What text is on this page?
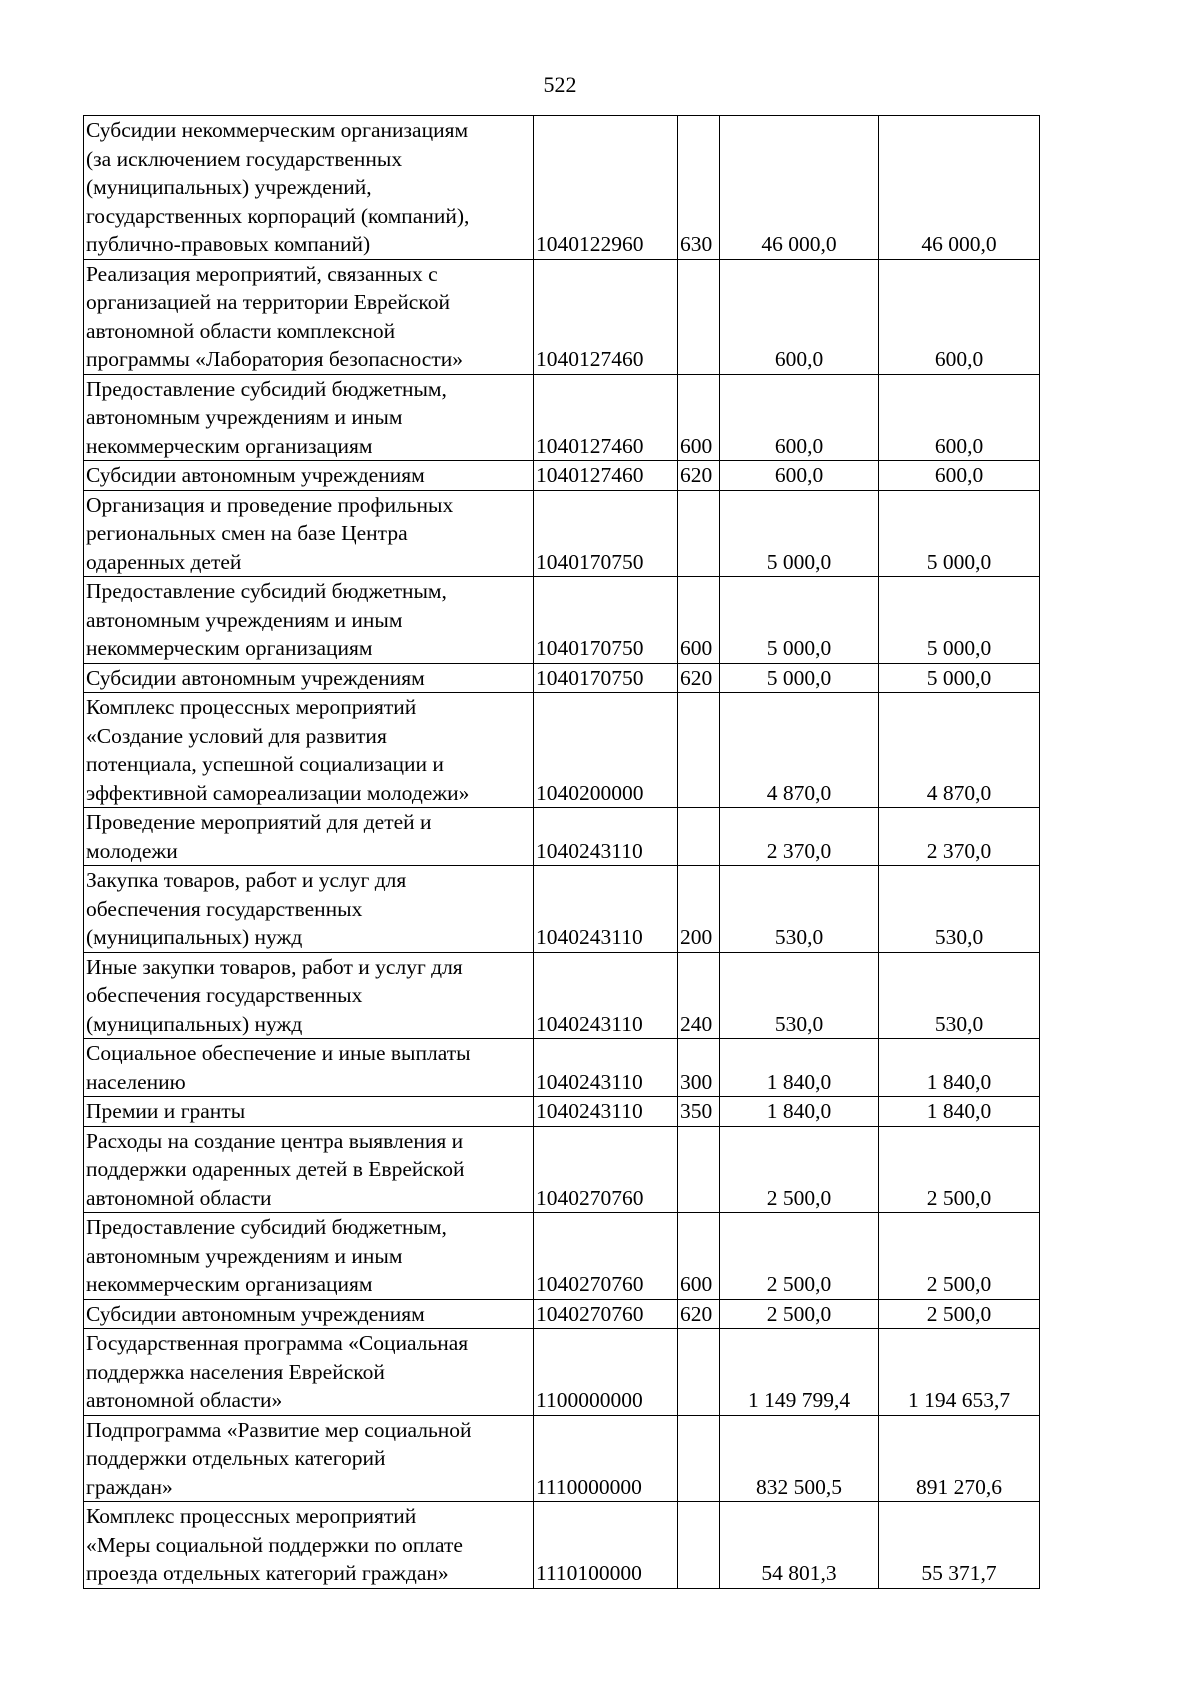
522
Субсидии некоммерческим организациям
(за исключением государственных
(муниципальных) учреждений,
государственных корпораций (компаний),
публично-правовых компаний)	1040122960	630	46 000,0	46 000,0
Реализация мероприятий, связанных с
организацией на территории Еврейской
автономной области комплексной
программы «Лаборатория безопасности»	1040127460		600,0	600,0
Предоставление субсидий бюджетным,
автономным учреждениям и иным
некоммерческим организациям	1040127460	600	600,0	600,0
Субсидии автономным учреждениям	1040127460	620	600,0	600,0
Организация и проведение профильных
региональных смен на базе Центра
одаренных детей	1040170750		5 000,0	5 000,0
Предоставление субсидий бюджетным,
автономным учреждениям и иным
некоммерческим организациям	1040170750	600	5 000,0	5 000,0
Субсидии автономным учреждениям	1040170750	620	5 000,0	5 000,0
Комплекс процессных мероприятий
«Создание условий для развития
потенциала, успешной социализации и
эффективной самореализации молодежи»	1040200000		4 870,0	4 870,0
Проведение мероприятий для детей и
молодежи	1040243110		2 370,0	2 370,0
Закупка товаров, работ и услуг для
обеспечения государственных
(муниципальных) нужд	1040243110	200	530,0	530,0
Иные закупки товаров, работ и услуг для
обеспечения государственных
(муниципальных) нужд	1040243110	240	530,0	530,0
Социальное обеспечение и иные выплаты
населению	1040243110	300	1 840,0	1 840,0
Премии и гранты	1040243110	350	1 840,0	1 840,0
Расходы на создание центра выявления и
поддержки одаренных детей в Еврейской
автономной области	1040270760		2 500,0	2 500,0
Предоставление субсидий бюджетным,
автономным учреждениям и иным
некоммерческим организациям	1040270760	600	2 500,0	2 500,0
Субсидии автономным учреждениям	1040270760	620	2 500,0	2 500,0
Государственная программа «Социальная
поддержка населения Еврейской
автономной области»	1100000000		1 149 799,4	1 194 653,7
Подпрограмма «Развитие мер социальной
поддержки отдельных категорий
граждан»	1110000000		832 500,5	891 270,6
Комплекс процессных мероприятий
«Меры социальной поддержки по оплате
проезда отдельных категорий граждан»	1110100000		54 801,3	55 371,7
